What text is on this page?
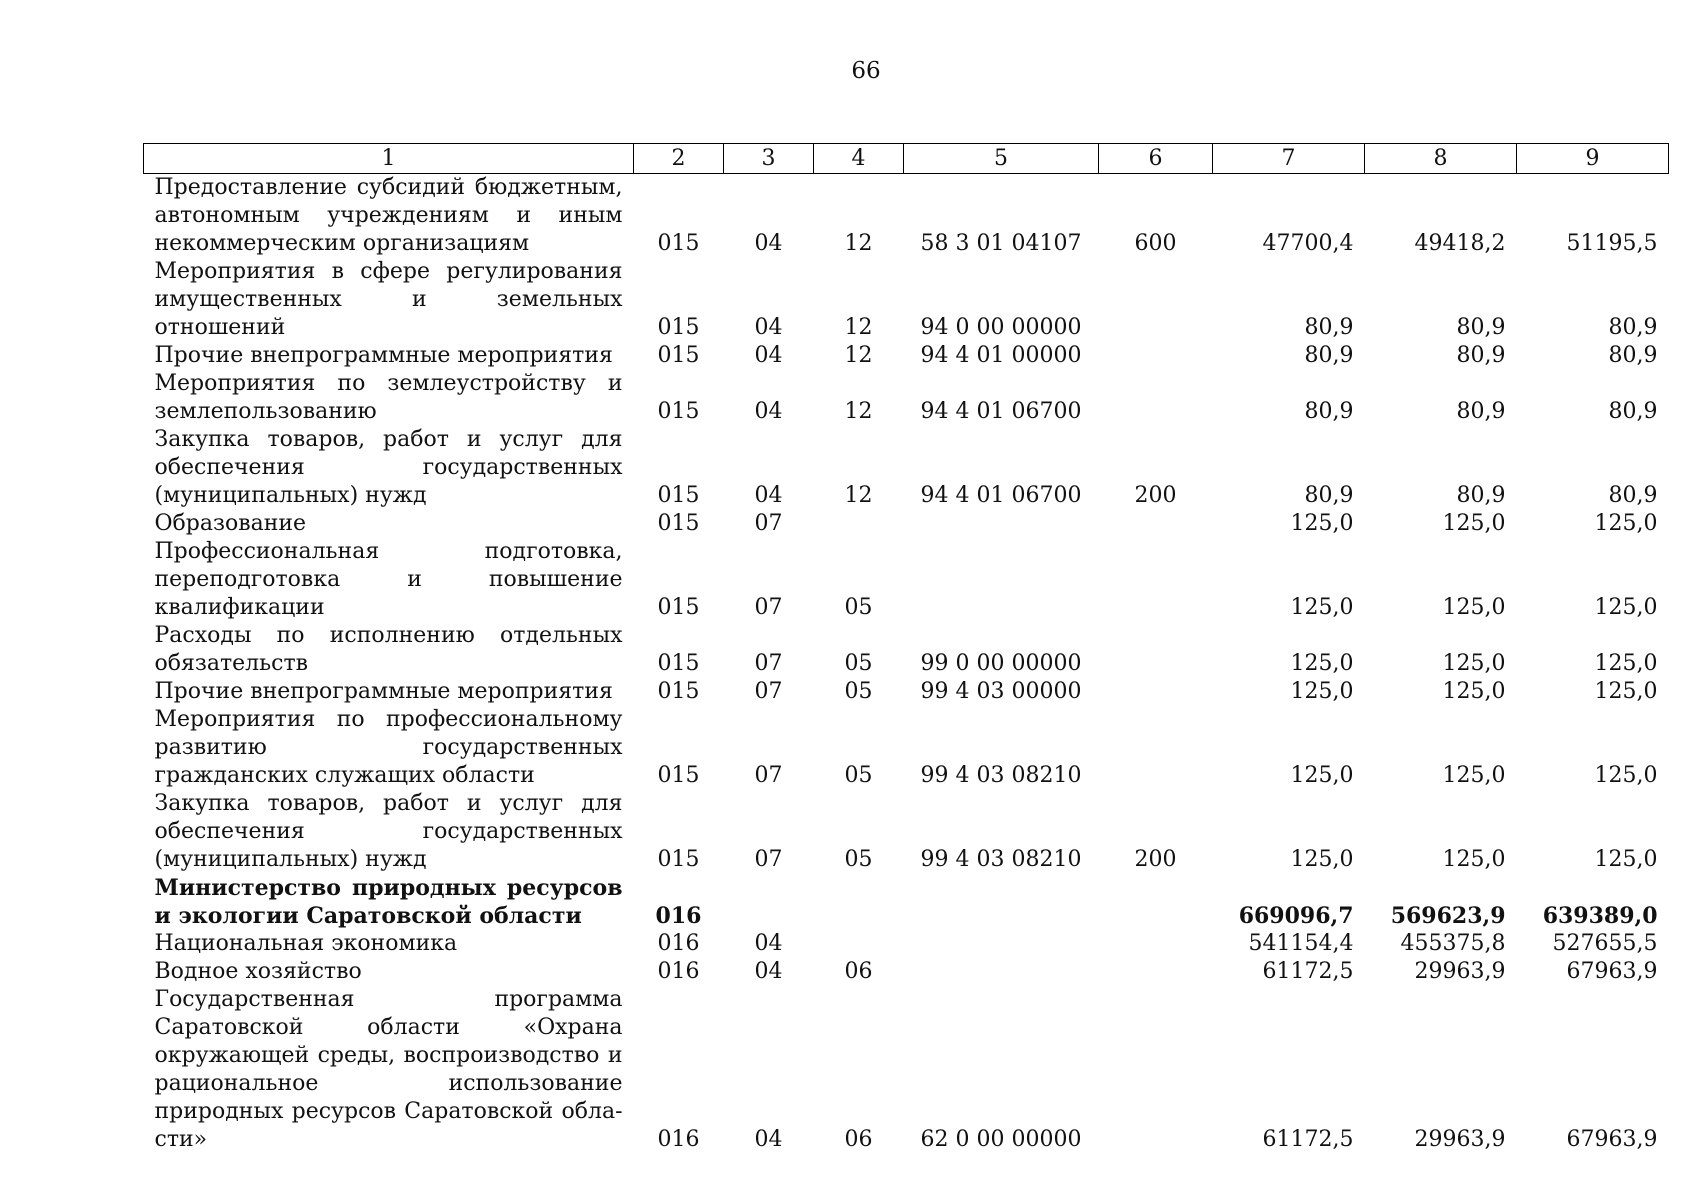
66
1	2	3	4	5	6	7	8	9
Предоставление субсидий бюджетным, автономным учреждениям и иным некоммерческим организациям	015	04	12	58 3 01 04107	600	47700,4	49418,2	51195,5
Мероприятия в сфере регулирования имущественных и земельных отношений	015	04	12	94 0 00 00000		80,9	80,9	80,9
Прочие внепрограммные мероприятия	015	04	12	94 4 01 00000		80,9	80,9	80,9
Мероприятия по землеустройству и землепользованию	015	04	12	94 4 01 06700		80,9	80,9	80,9
Закупка товаров, работ и услуг для обеспечения государственных (муниципальных) нужд	015	04	12	94 4 01 06700	200	80,9	80,9	80,9
Образование	015	07				125,0	125,0	125,0
Профессиональная подготовка, переподготовка и повышение квалификации	015	07	05			125,0	125,0	125,0
Расходы по исполнению отдельных обязательств	015	07	05	99 0 00 00000		125,0	125,0	125,0
Прочие внепрограммные мероприятия	015	07	05	99 4 03 00000		125,0	125,0	125,0
Мероприятия по профессиональному развитию государственных гражданских служащих области	015	07	05	99 4 03 08210		125,0	125,0	125,0
Закупка товаров, работ и услуг для обеспечения государственных (муниципальных) нужд	015	07	05	99 4 03 08210	200	125,0	125,0	125,0
Министерство природных ресурсов и экологии Саратовской области	016					669096,7	569623,9	639389,0
Национальная экономика	016	04				541154,4	455375,8	527655,5
Водное хозяйство	016	04	06			61172,5	29963,9	67963,9
Государственная программа Саратовской области «Охрана окружающей среды, воспроизводство и рациональное использование природных ресурсов Саратовской области»	016	04	06	62 0 00 00000		61172,5	29963,9	67963,9
